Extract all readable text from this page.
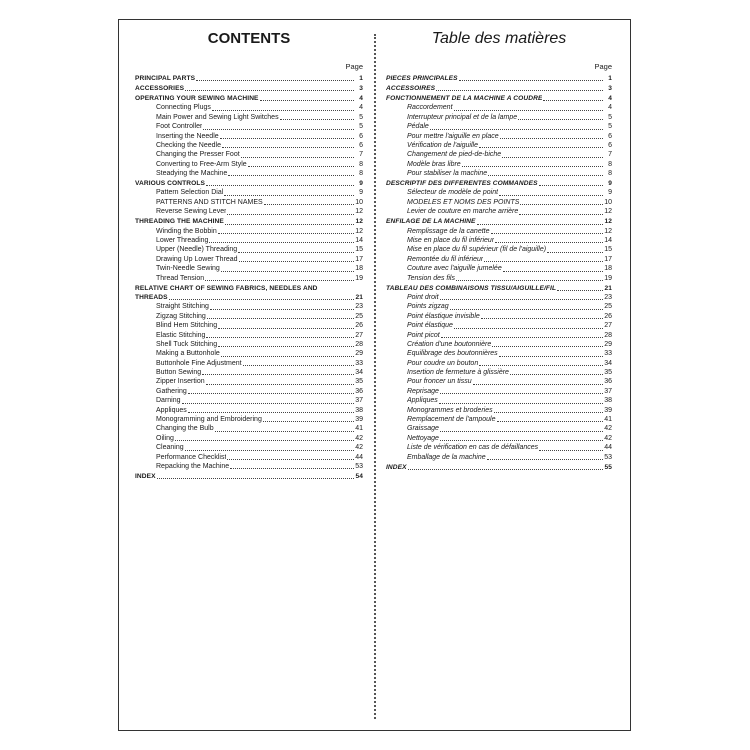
CONTENTS
Page
PRINCIPAL PARTS	1
ACCESSORIES	3
OPERATING YOUR SEWING MACHINE	4
Connecting Plugs	4
Main Power and Sewing Light Switches	5
Foot Controller	5
Inserting the Needle	6
Checking the Needle	6
Changing the Presser Foot	7
Converting to Free-Arm Style	8
Steadying the Machine	8
VARIOUS CONTROLS	9
Pattern Selection Dial	9
PATTERNS AND STITCH NAMES	10
Reverse Sewing Lever	12
THREADING THE MACHINE	12
Winding the Bobbin	12
Lower Threading	14
Upper (Needle) Threading	15
Drawing Up Lower Thread	17
Twin-Needle Sewing	18
Thread Tension	19
RELATIVE CHART OF SEWING FABRICS, NEEDLES AND
THREADS	21
Straight Stitching	23
Zigzag Stitching	25
Blind Hem Stitching	26
Elastic Stitching	27
Shell Tuck Stitching	28
Making a Buttonhole	29
Buttonhole Fine Adjustment	33
Button Sewing	34
Zipper Insertion	35
Gathering	36
Darning	37
Appliques	38
Monogramming and Embroidering	39
Changing the Bulb	41
Oiling	42
Cleaning	42
Performance Checklist	44
Repacking the Machine	53
INDEX	54
Table des matières
Page
PIECES PRINCIPALES	1
ACCESSOIRES	3
FONCTIONNEMENT DE LA MACHINE A COUDRE	4
Raccordement	4
Interrupteur principal et de la lampe	5
Pédale	5
Pour mettre l'aiguille en place	6
Vérification de l'aiguille	6
Changement de pied-de-biche	7
Modèle bras libre	8
Pour stabiliser la machine	8
DESCRIPTIF DES DIFFERENTES COMMANDES	9
Sélecteur de modèle de point	9
MODELES ET NOMS DES POINTS	10
Levier de couture en marche arrière	12
ENFILAGE DE LA MACHINE	12
Remplissage de la canette	12
Mise en place du fil inférieur	14
Mise en place du fil supérieur (fil de l'aiguille)	15
Remontée du fil inférieur	17
Couture avec l'aiguille jumelée	18
Tension des fils	19
TABLEAU DES COMBINAISONS TISSU/AIGUILLE/FIL	21
Point droit	23
Points zigzag	25
Point élastique invisible	26
Point élastique	27
Point picot	28
Création d'une boutonnière	29
Equilibrage des boutonnières	33
Pour coudre un bouton	34
Insertion de fermeture à glissière	35
Pour froncer un tissu	36
Reprisage	37
Appliques	38
Monogrammes et broderies	39
Remplacement de l'ampoule	41
Graissage	42
Nettoyage	42
Liste de vérification en cas de défaillances	44
Emballage de la machine	53
INDEX	55
